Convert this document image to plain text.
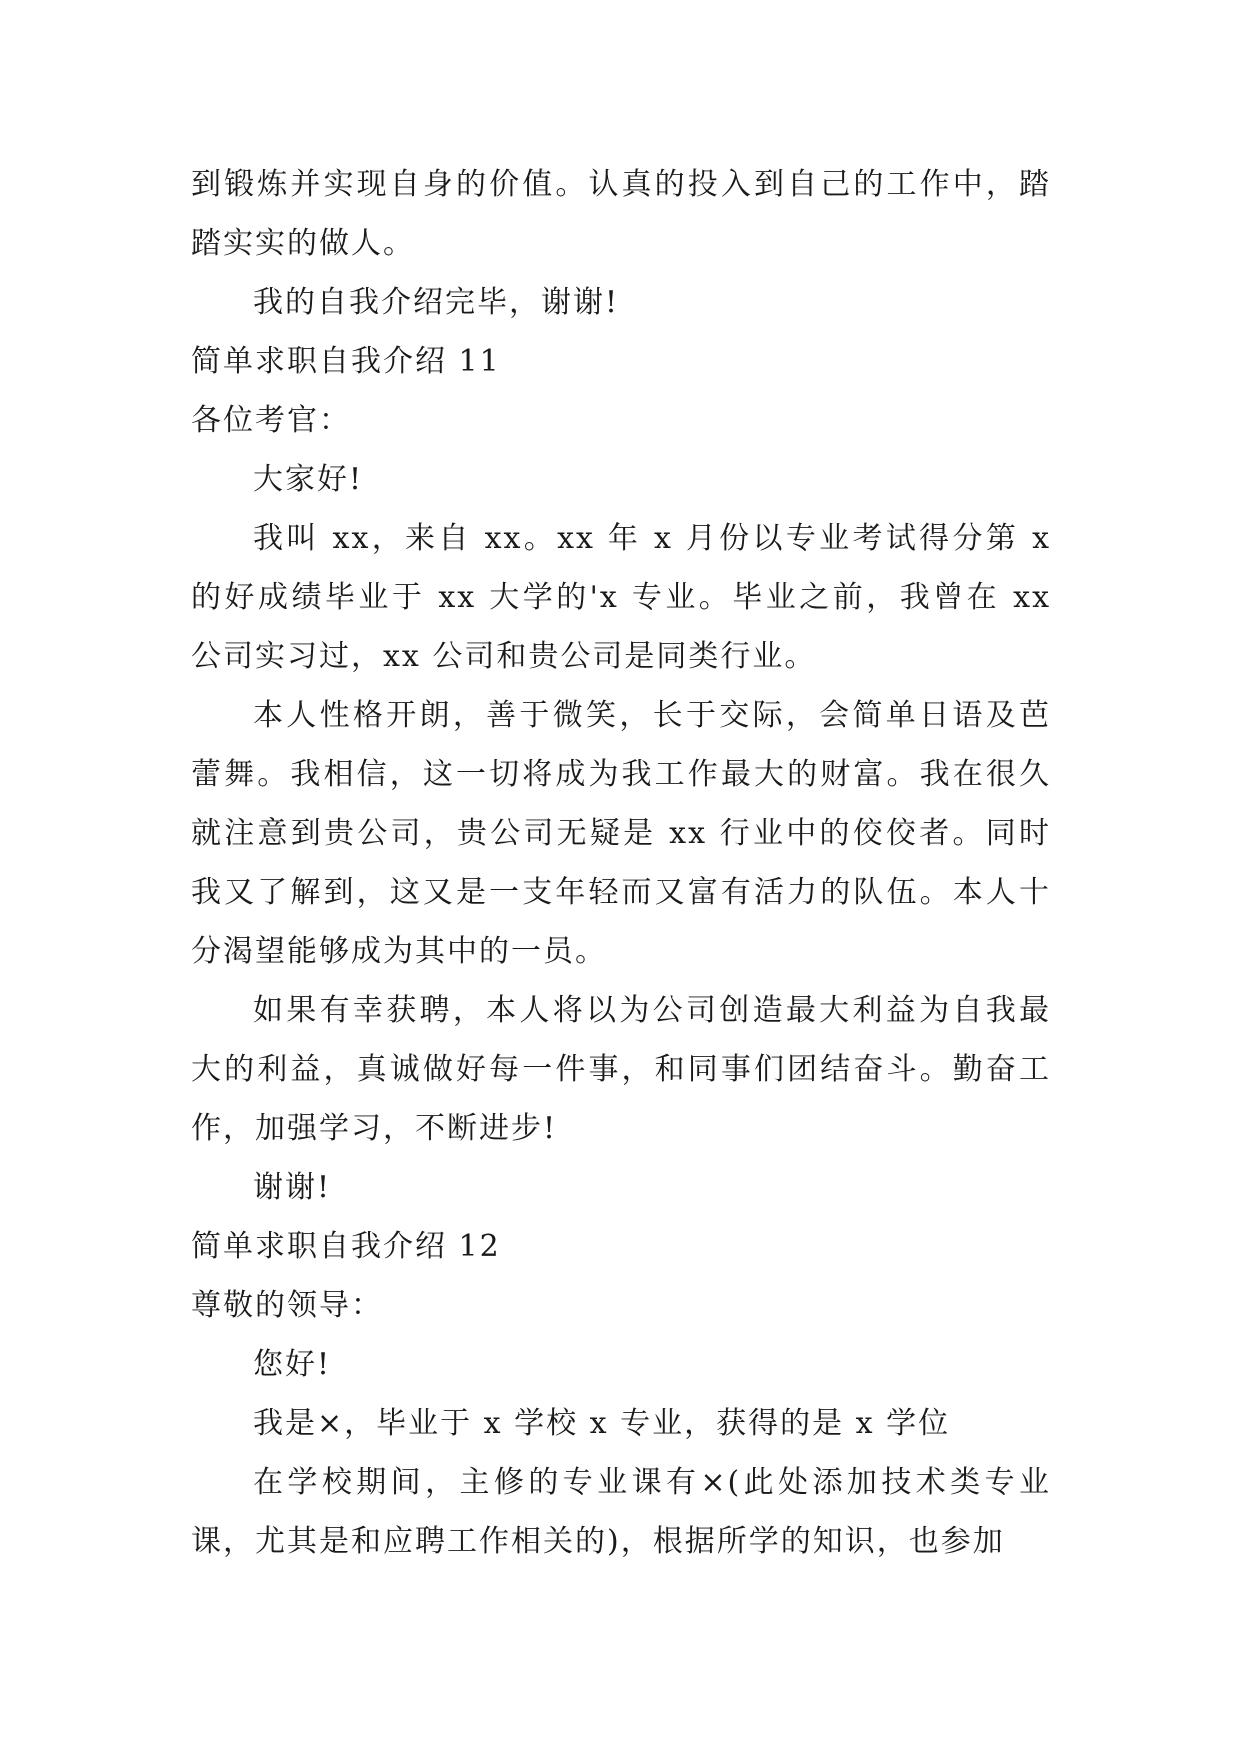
到锻炼并实现自身的价值。认真的投入到自己的工作中，踏踏实实的做人。

我的自我介绍完毕，谢谢!

简单求职自我介绍 11

各位考官：

大家好!

我叫 xx，来自 xx。xx 年 x 月份以专业考试得分第 x 的好成绩毕业于 xx 大学的'x 专业。毕业之前，我曾在 xx 公司实习过，xx 公司和贵公司是同类行业。

本人性格开朗，善于微笑，长于交际，会简单日语及芭蕾舞。我相信，这一切将成为我工作最大的财富。我在很久就注意到贵公司，贵公司无疑是 xx 行业中的佼佼者。同时我又了解到，这又是一支年轻而又富有活力的队伍。本人十分渴望能够成为其中的一员。

如果有幸获聘，本人将以为公司创造最大利益为自我最大的利益，真诚做好每一件事，和同事们团结奋斗。勤奋工作，加强学习，不断进步!

谢谢!

简单求职自我介绍 12

尊敬的领导：

您好!

我是×，毕业于 x 学校 x 专业，获得的是 x 学位

在学校期间，主修的专业课有×(此处添加技术类专业课，尤其是和应聘工作相关的)，根据所学的知识，也参加
